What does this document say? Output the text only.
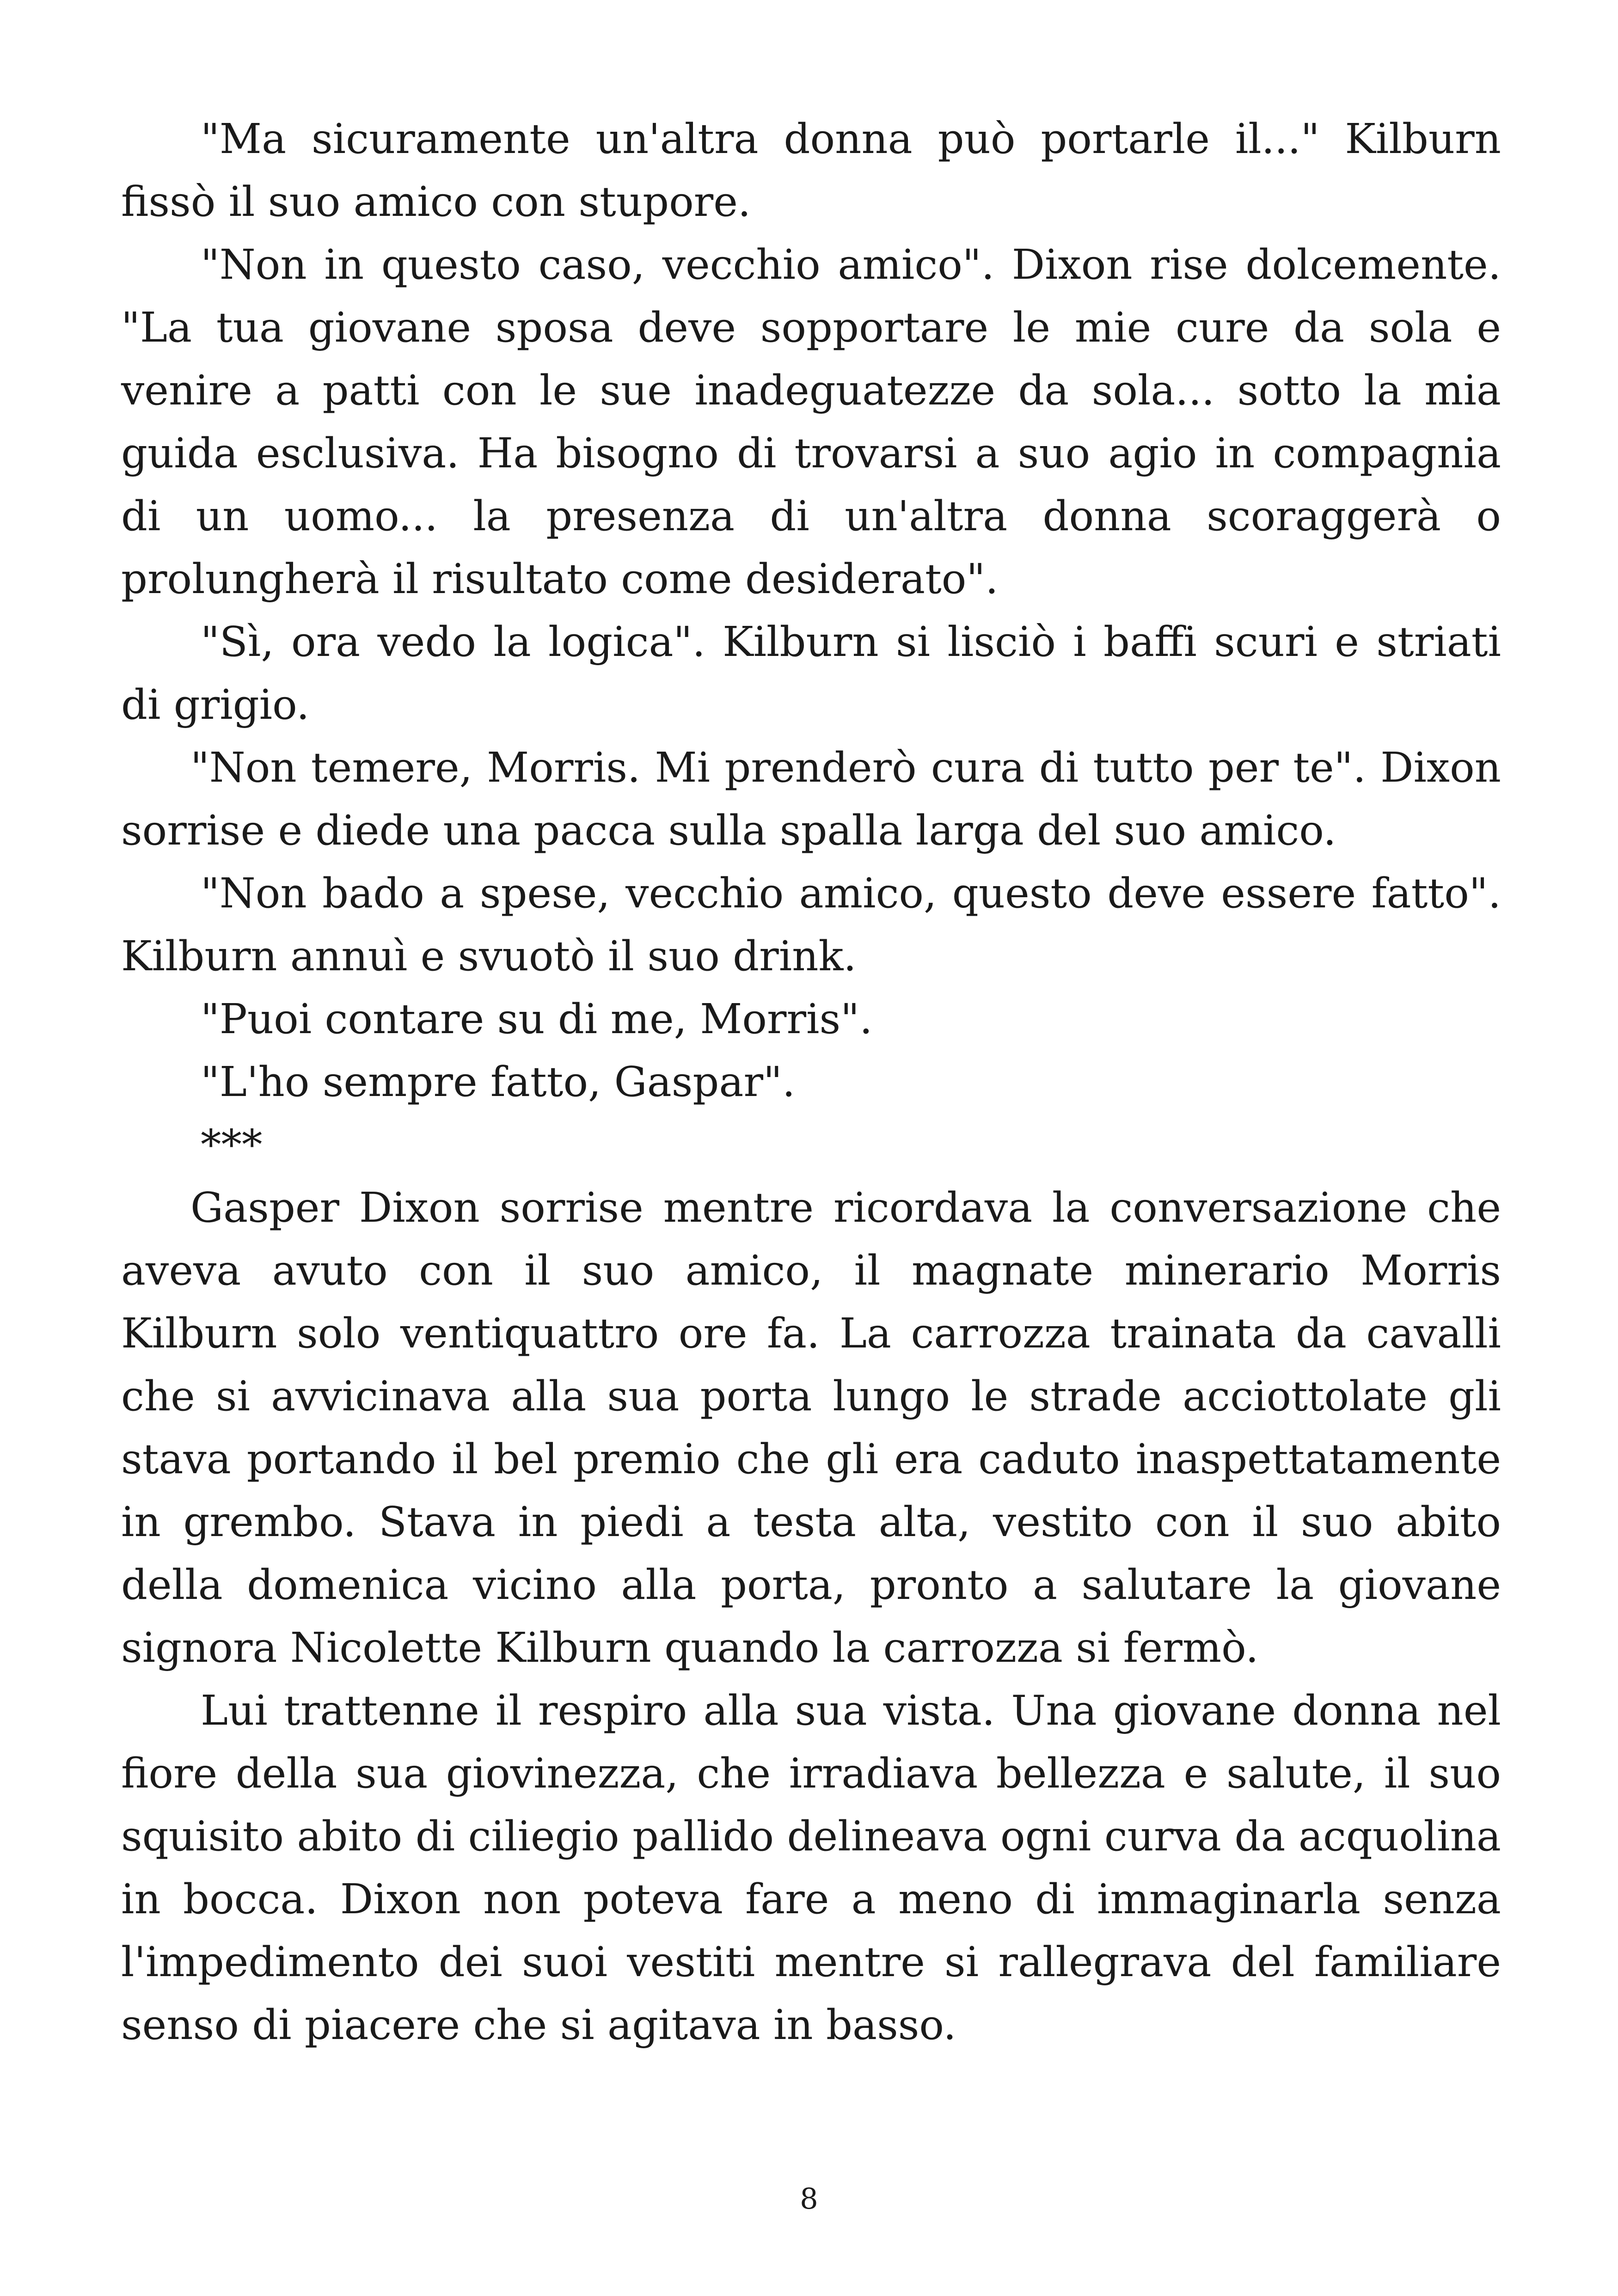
"Ma sicuramente un'altra donna può portarle il..." Kilburn fissò il suo amico con stupore.

"Non in questo caso, vecchio amico". Dixon rise dolcemente. "La tua giovane sposa deve sopportare le mie cure da sola e venire a patti con le sue inadeguatezze da sola... sotto la mia guida esclusiva. Ha bisogno di trovarsi a suo agio in compagnia di un uomo... la presenza di un'altra donna scoraggerà o prolungherà il risultato come desiderato".

"Sì, ora vedo la logica". Kilburn si lisciò i baffi scuri e striati di grigio.

"Non temere, Morris. Mi prenderò cura di tutto per te". Dixon sorrise e diede una pacca sulla spalla larga del suo amico.

"Non bado a spese, vecchio amico, questo deve essere fatto". Kilburn annuì e svuotò il suo drink.

"Puoi contare su di me, Morris".

"L'ho sempre fatto, Gaspar".

***

Gasper Dixon sorrise mentre ricordava la conversazione che aveva avuto con il suo amico, il magnate minerario Morris Kilburn solo ventiquattro ore fa. La carrozza trainata da cavalli che si avvicinava alla sua porta lungo le strade acciottolate gli stava portando il bel premio che gli era caduto inaspettatamente in grembo. Stava in piedi a testa alta, vestito con il suo abito della domenica vicino alla porta, pronto a salutare la giovane signora Nicolette Kilburn quando la carrozza si fermò.

Lui trattenne il respiro alla sua vista. Una giovane donna nel fiore della sua giovinezza, che irradiava bellezza e salute, il suo squisito abito di ciliegio pallido delineava ogni curva da acquolina in bocca. Dixon non poteva fare a meno di immaginarla senza l'impedimento dei suoi vestiti mentre si rallegrava del familiare senso di piacere che si agitava in basso.

8
